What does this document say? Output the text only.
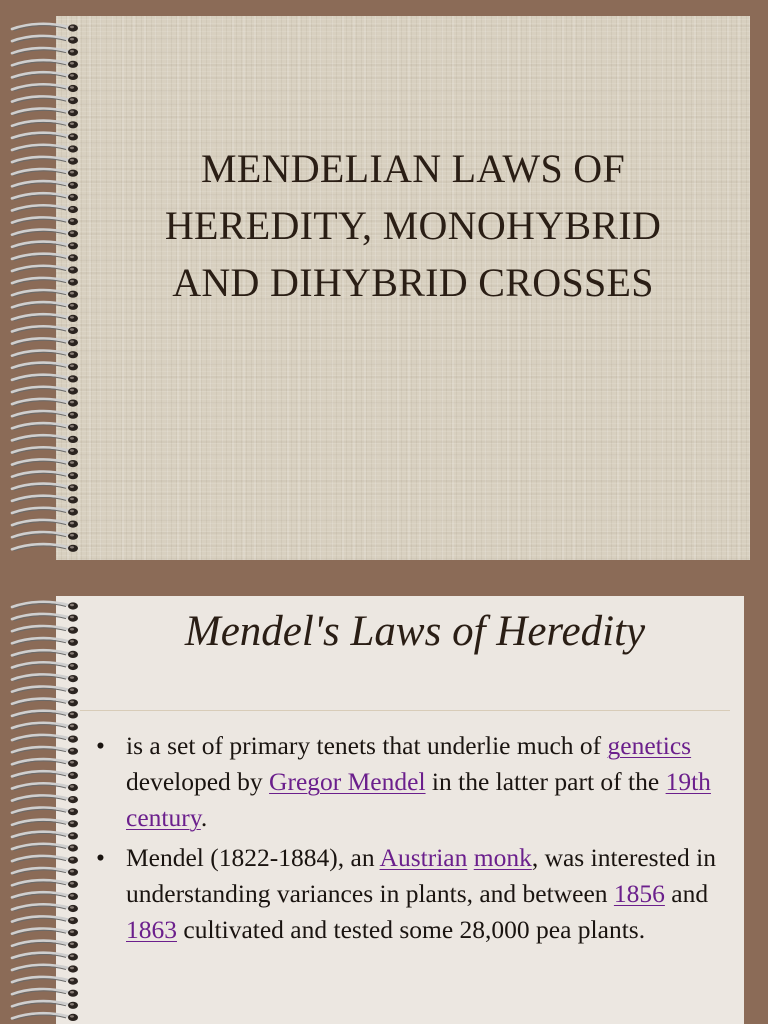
MENDELIAN LAWS OF
HEREDITY, MONOHYBRID
AND DIHYBRID CROSSES
Mendel's Laws of Heredity
• is a set of primary tenets that underlie much of genetics developed by Gregor Mendel in the latter part of the 19th century.
• Mendel (1822-1884), an Austrian monk, was interested in understanding variances in plants, and between 1856 and 1863 cultivated and tested some 28,000 pea plants.
